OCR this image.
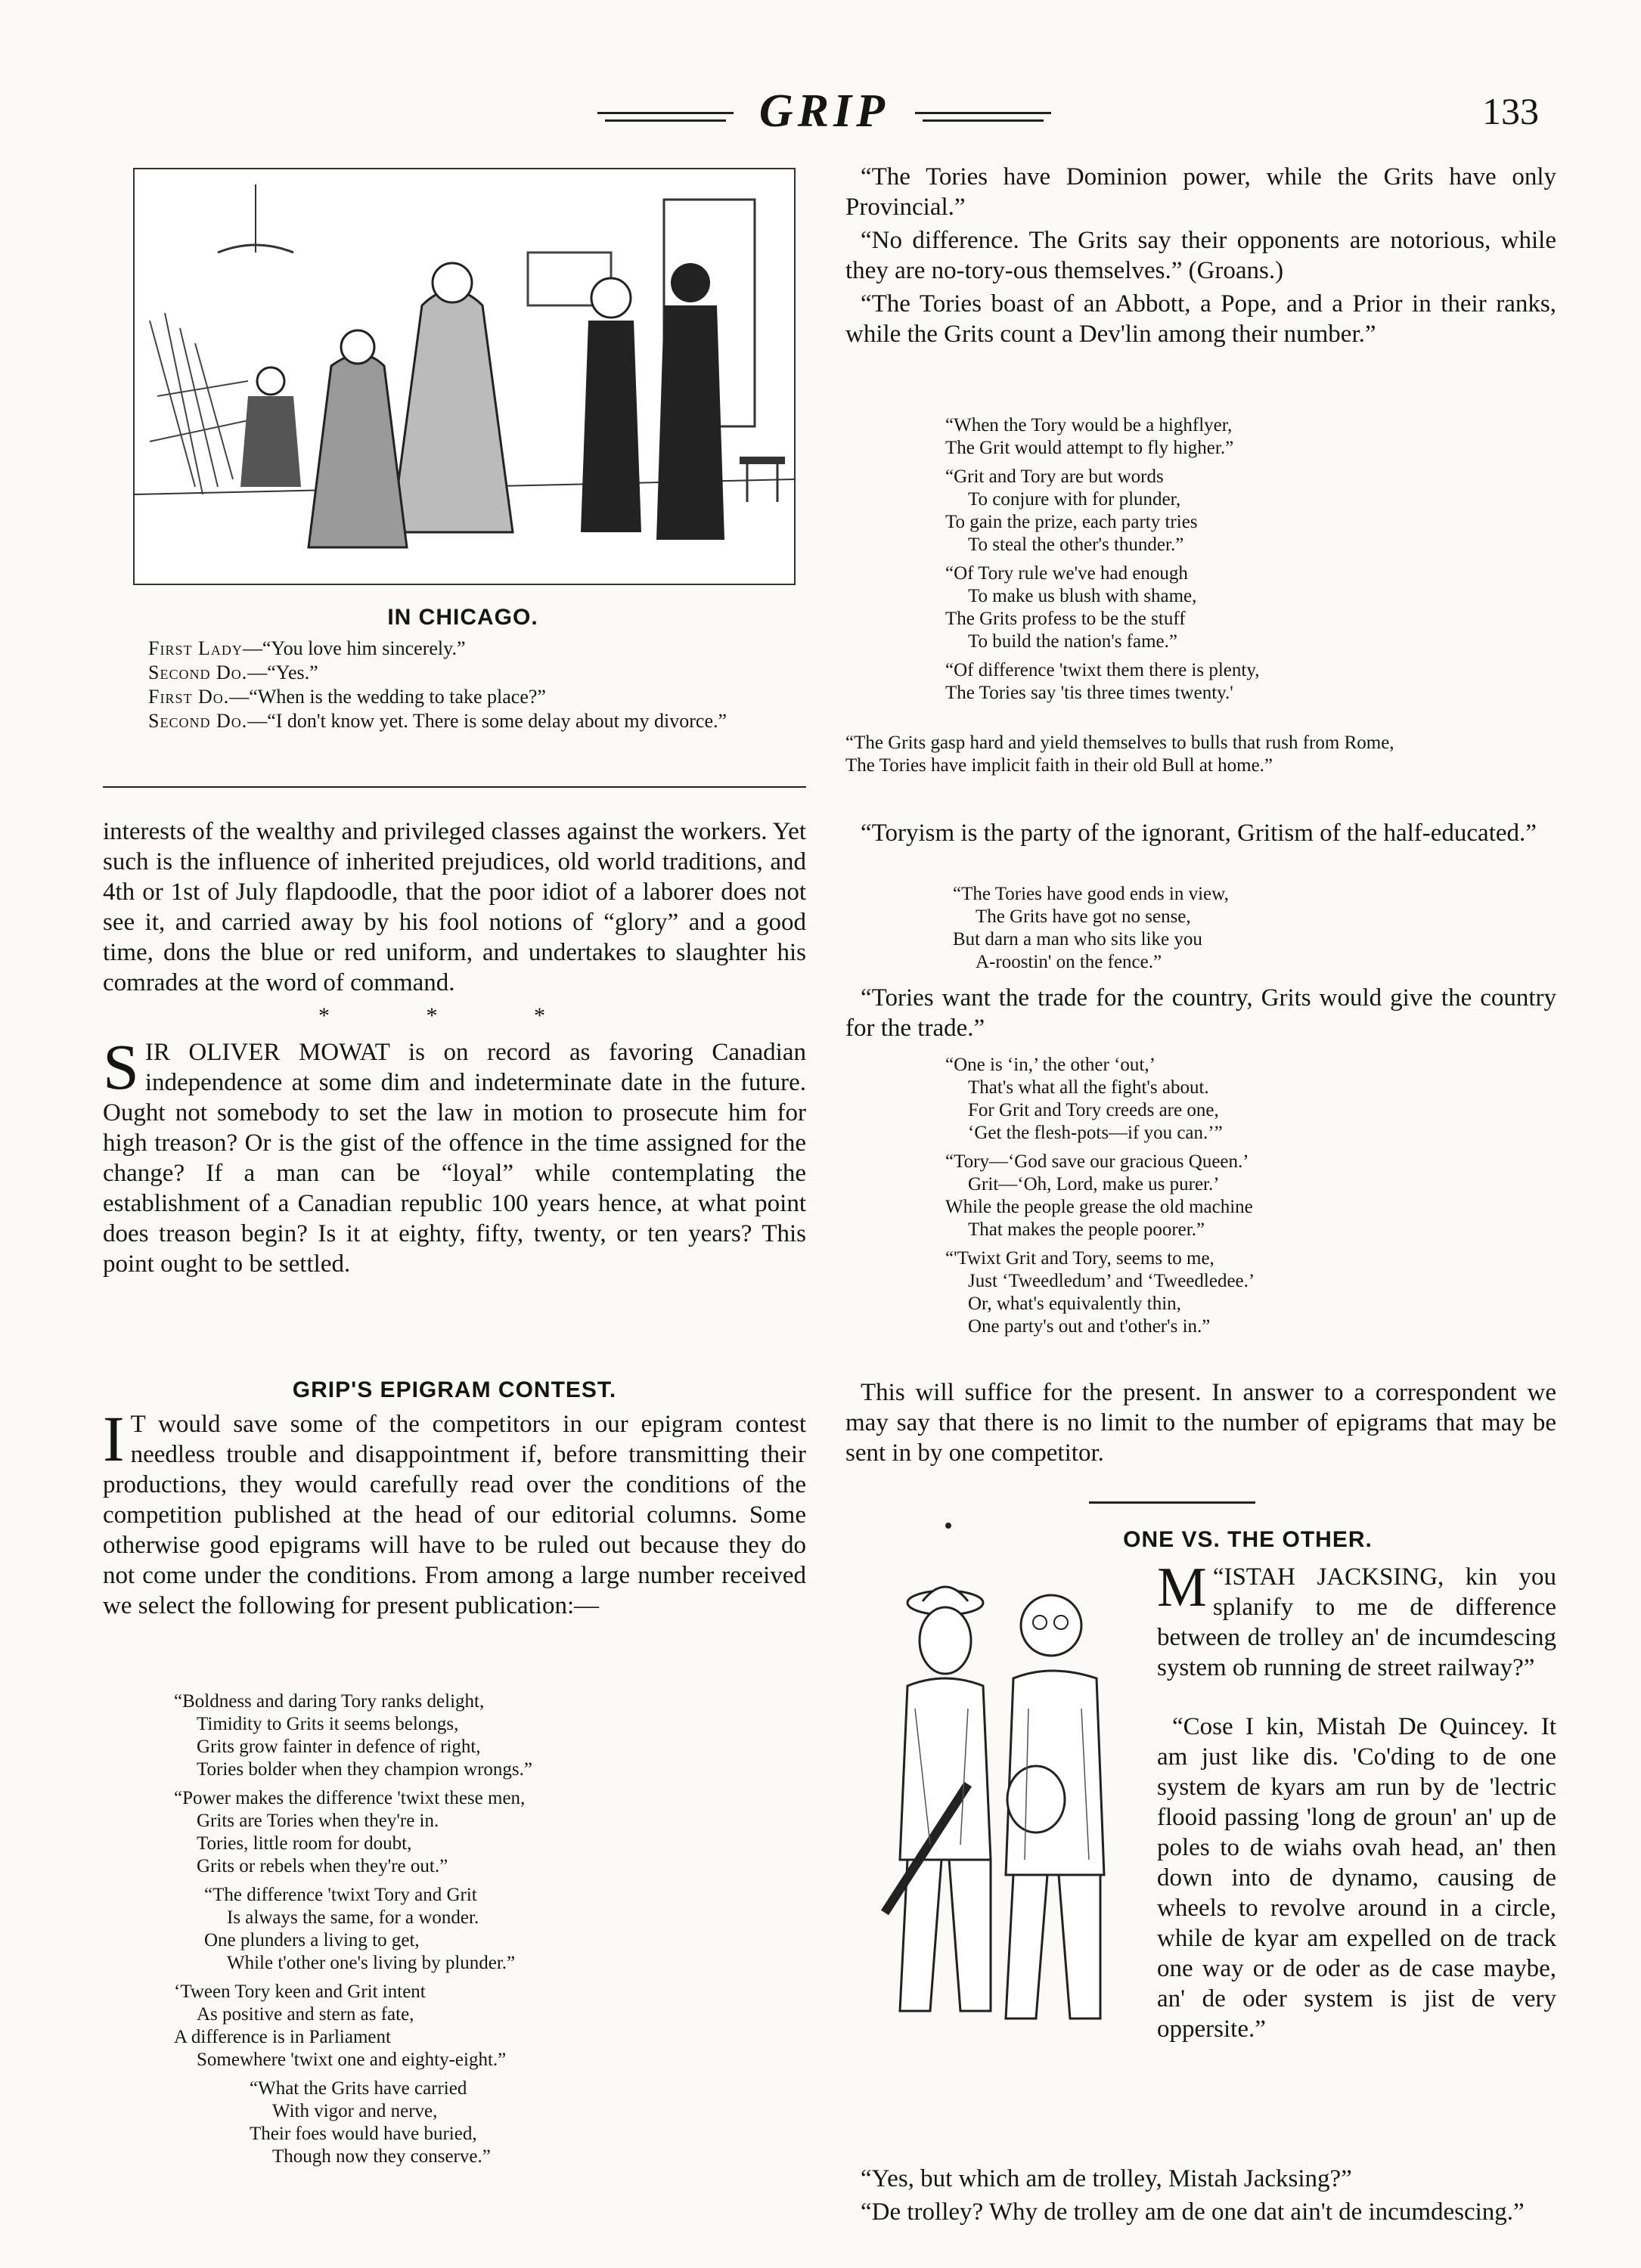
GRIP	133
IN CHICAGO.
First Lady—“You love him sincerely.”
Second Do.—“Yes.”
First Do.—“When is the wedding to take place?”
Second Do.—“I don't know yet. There is some delay about my divorce.”

interests of the wealthy and privileged classes against the workers. Yet such is the influence of inherited prejudices, old world traditions, and 4th or 1st of July flapdoodle, that the poor idiot of a laborer does not see it, and carried away by his fool notions of “glory” and a good time, dons the blue or red uniform, and undertakes to slaughter his comrades at the word of command.

* * *

SIR OLIVER MOWAT is on record as favoring Canadian independence at some dim and indeterminate date in the future. Ought not somebody to set the law in motion to prosecute him for high treason? Or is the gist of the offence in the time assigned for the change? If a man can be “loyal” while contemplating the establishment of a Canadian republic 100 years hence, at what point does treason begin? Is it at eighty, fifty, twenty, or ten years? This point ought to be settled.

GRIP'S EPIGRAM CONTEST.

I T would save some of the competitors in our epigram contest needless trouble and disappointment if, before transmitting their productions, they would carefully read over the conditions of the competition published at the head of our editorial columns. Some otherwise good epigrams will have to be ruled out because they do not come under the conditions. From among a large number received we select the following for present publication:—

“Boldness and daring Tory ranks delight,
Timidity to Grits it seems belongs,
Grits grow fainter in defence of right,
Tories bolder when they champion wrongs.”
“Power makes the difference 'twixt these men,
Grits are Tories when they're in.
Tories, little room for doubt,
Grits or rebels when they're out.”
“The difference 'twixt Tory and Grit
Is always the same, for a wonder.
One plunders a living to get,
While t'other one's living by plunder.”
‘Tween Tory keen and Grit intent
As positive and stern as fate,
A difference is in Parliament
Somewhere 'twixt one and eighty-eight.”
“What the Grits have carried
With vigor and nerve,
Their foes would have buried,
Though now they conserve.”

“The Tories have Dominion power, while the Grits have only Provincial.”

“No difference. The Grits say their opponents are notorious, while they are no-tory-ous themselves.” (Groans.)

“The Tories boast of an Abbott, a Pope, and a Prior in their ranks, while the Grits count a Dev'lin among their number.”

“When the Tory would be a highflyer,
The Grit would attempt to fly higher.”
“Grit and Tory are but words
To conjure with for plunder,
To gain the prize, each party tries
To steal the other's thunder.”
“Of Tory rule we've had enough
To make us blush with shame,
The Grits profess to be the stuff
To build the nation's fame.”
“Of difference 'twixt them there is plenty,
The Tories say 'tis three times twenty.'
“The Grits gasp hard and yield themselves to bulls that rush from Rome,
The Tories have implicit faith in their old Bull at home.”

“Toryism is the party of the ignorant, Gritism of the half-educated.”

“The Tories have good ends in view,
The Grits have got no sense,
But darn a man who sits like you
A-roostin' on the fence.”

“Tories want the trade for the country, Grits would give the country for the trade.”

“One is ‘in,’ the other ‘out,’
That's what all the fight's about.
For Grit and Tory creeds are one,
‘Get the flesh-pots—if you can.’”
“Tory—‘God save our gracious Queen.’
Grit—‘Oh, Lord, make us purer.’
While the people grease the old machine
That makes the people poorer.”
“'Twixt Grit and Tory, seems to me,
Just ‘Tweedledum’ and ‘Tweedledee.’
Or, what's equivalently thin,
One party's out and t'other's in.”

This will suffice for the present. In answer to a correspondent we may say that there is no limit to the number of epigrams that may be sent in by one competitor.

ONE VS. THE OTHER.

M “ISTAH JACKSING, kin you splanify to me de difference between de trolley an' de incumdescing system ob running de street railway?”

“Cose I kin, Mistah De Quincey. It am just like dis. 'Co'ding to de one system de kyars am run by de 'lectric flooid passing 'long de groun' an' up de poles to de wiahs ovah head, an' then down into de dynamo, causing de wheels to revolve around in a circle, while de kyar am expelled on de track one way or de oder as de case maybe, an' de oder system is jist de very oppersite.”

“Yes, but which am de trolley, Mistah Jacksing?”

“De trolley? Why de trolley am de one dat ain't de incumdescing.”
